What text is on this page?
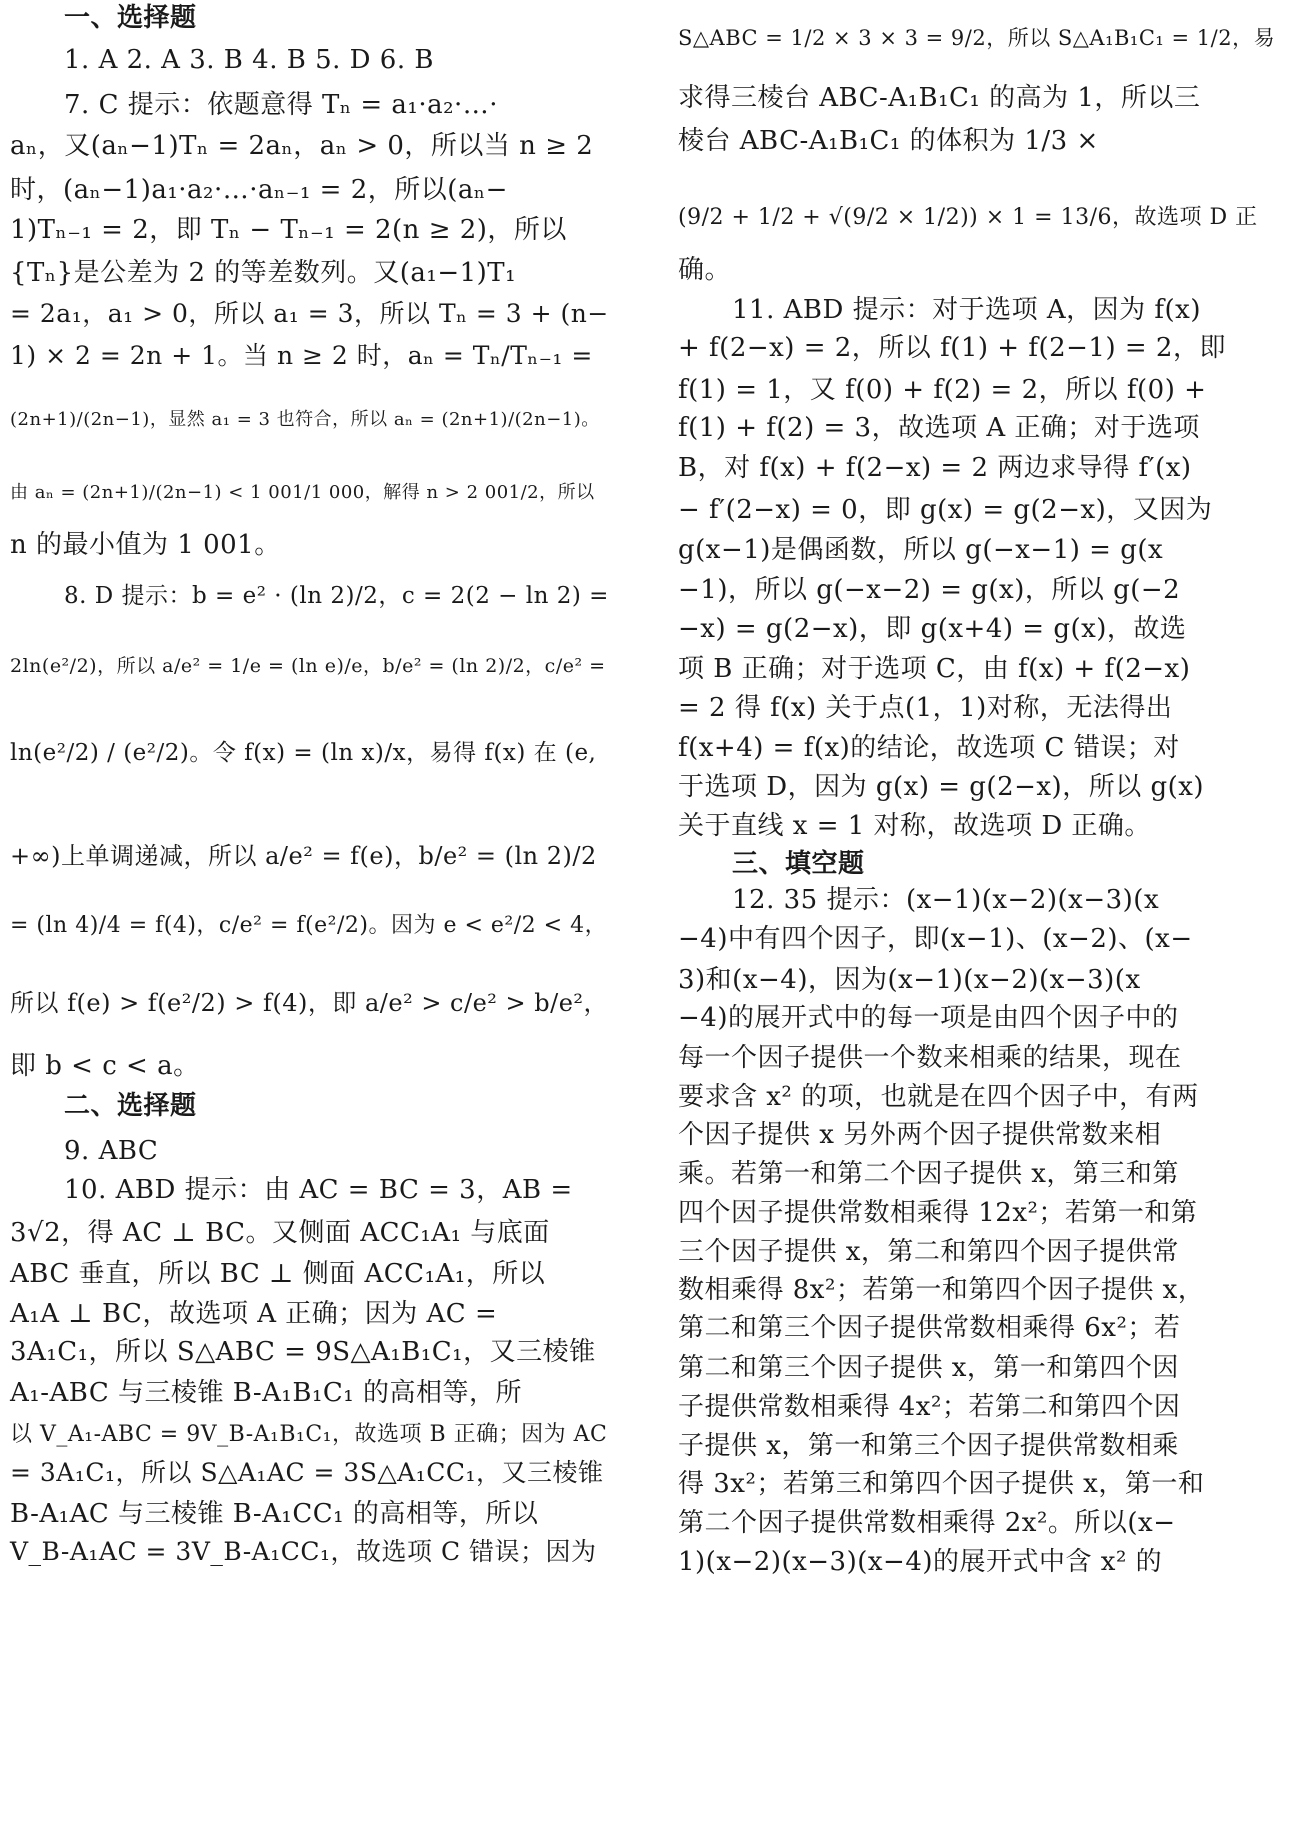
一、选择题
1. A 2. A 3. B 4. B 5. D 6. B
7. C 提示：依题意得 Tₙ = a₁·a₂·…·
aₙ，又(aₙ−1)Tₙ = 2aₙ，aₙ > 0，所以当 n ≥ 2
时，(aₙ−1)a₁·a₂·…·aₙ₋₁ = 2，所以(aₙ−
1)Tₙ₋₁ = 2，即 Tₙ − Tₙ₋₁ = 2(n ≥ 2)，所以
{Tₙ}是公差为 2 的等差数列。又(a₁−1)T₁
= 2a₁，a₁ > 0，所以 a₁ = 3，所以 Tₙ = 3 + (n−
1) × 2 = 2n + 1。当 n ≥ 2 时，aₙ = Tₙ/Tₙ₋₁ =
(2n+1)/(2n−1)，显然 a₁ = 3 也符合，所以 aₙ = (2n+1)/(2n−1)。
由 aₙ = (2n+1)/(2n−1) < 1 001/1 000，解得 n > 2 001/2，所以
n 的最小值为 1 001。
8. D 提示：b = e² · (ln 2)/2，c = 2(2 − ln 2) =
2ln(e²/2)，所以 a/e² = 1/e = (ln e)/e，b/e² = (ln 2)/2，c/e² =
ln(e²/2) / (e²/2)。令 f(x) = (ln x)/x，易得 f(x) 在 (e,
+∞)上单调递减，所以 a/e² = f(e)，b/e² = (ln 2)/2
= (ln 4)/4 = f(4)，c/e² = f(e²/2)。因为 e < e²/2 < 4，
所以 f(e) > f(e²/2) > f(4)，即 a/e² > c/e² > b/e²，
即 b < c < a。
二、选择题
9. ABC
10. ABD 提示：由 AC = BC = 3，AB =
3√2，得 AC ⊥ BC。又侧面 ACC₁A₁ 与底面
ABC 垂直，所以 BC ⊥ 侧面 ACC₁A₁，所以
A₁A ⊥ BC，故选项 A 正确；因为 AC =
3A₁C₁，所以 S△ABC = 9S△A₁B₁C₁，又三棱锥
A₁-ABC 与三棱锥 B-A₁B₁C₁ 的高相等，所
以 V_A₁-ABC = 9V_B-A₁B₁C₁，故选项 B 正确；因为 AC
= 3A₁C₁，所以 S△A₁AC = 3S△A₁CC₁，又三棱锥
B-A₁AC 与三棱锥 B-A₁CC₁ 的高相等，所以
V_B-A₁AC = 3V_B-A₁CC₁，故选项 C 错误；因为
S△ABC = 1/2 × 3 × 3 = 9/2，所以 S△A₁B₁C₁ = 1/2，易
求得三棱台 ABC-A₁B₁C₁ 的高为 1，所以三
棱台 ABC-A₁B₁C₁ 的体积为 1/3 ×
(9/2 + 1/2 + √(9/2 × 1/2)) × 1 = 13/6，故选项 D 正
确。
11. ABD 提示：对于选项 A，因为 f(x)
+ f(2−x) = 2，所以 f(1) + f(2−1) = 2，即
f(1) = 1，又 f(0) + f(2) = 2，所以 f(0) +
f(1) + f(2) = 3，故选项 A 正确；对于选项
B，对 f(x) + f(2−x) = 2 两边求导得 f′(x)
− f′(2−x) = 0，即 g(x) = g(2−x)，又因为
g(x−1)是偶函数，所以 g(−x−1) = g(x
−1)，所以 g(−x−2) = g(x)，所以 g(−2
−x) = g(2−x)，即 g(x+4) = g(x)，故选
项 B 正确；对于选项 C，由 f(x) + f(2−x)
= 2 得 f(x) 关于点(1，1)对称，无法得出
f(x+4) = f(x)的结论，故选项 C 错误；对
于选项 D，因为 g(x) = g(2−x)，所以 g(x)
关于直线 x = 1 对称，故选项 D 正确。
三、填空题
12. 35 提示：(x−1)(x−2)(x−3)(x
−4)中有四个因子，即(x−1)、(x−2)、(x−
3)和(x−4)，因为(x−1)(x−2)(x−3)(x
−4)的展开式中的每一项是由四个因子中的
每一个因子提供一个数来相乘的结果，现在
要求含 x² 的项，也就是在四个因子中，有两
个因子提供 x 另外两个因子提供常数来相
乘。若第一和第二个因子提供 x，第三和第
四个因子提供常数相乘得 12x²；若第一和第
三个因子提供 x，第二和第四个因子提供常
数相乘得 8x²；若第一和第四个因子提供 x，
第二和第三个因子提供常数相乘得 6x²；若
第二和第三个因子提供 x，第一和第四个因
子提供常数相乘得 4x²；若第二和第四个因
子提供 x，第一和第三个因子提供常数相乘
得 3x²；若第三和第四个因子提供 x，第一和
第二个因子提供常数相乘得 2x²。所以(x−
1)(x−2)(x−3)(x−4)的展开式中含 x² 的
